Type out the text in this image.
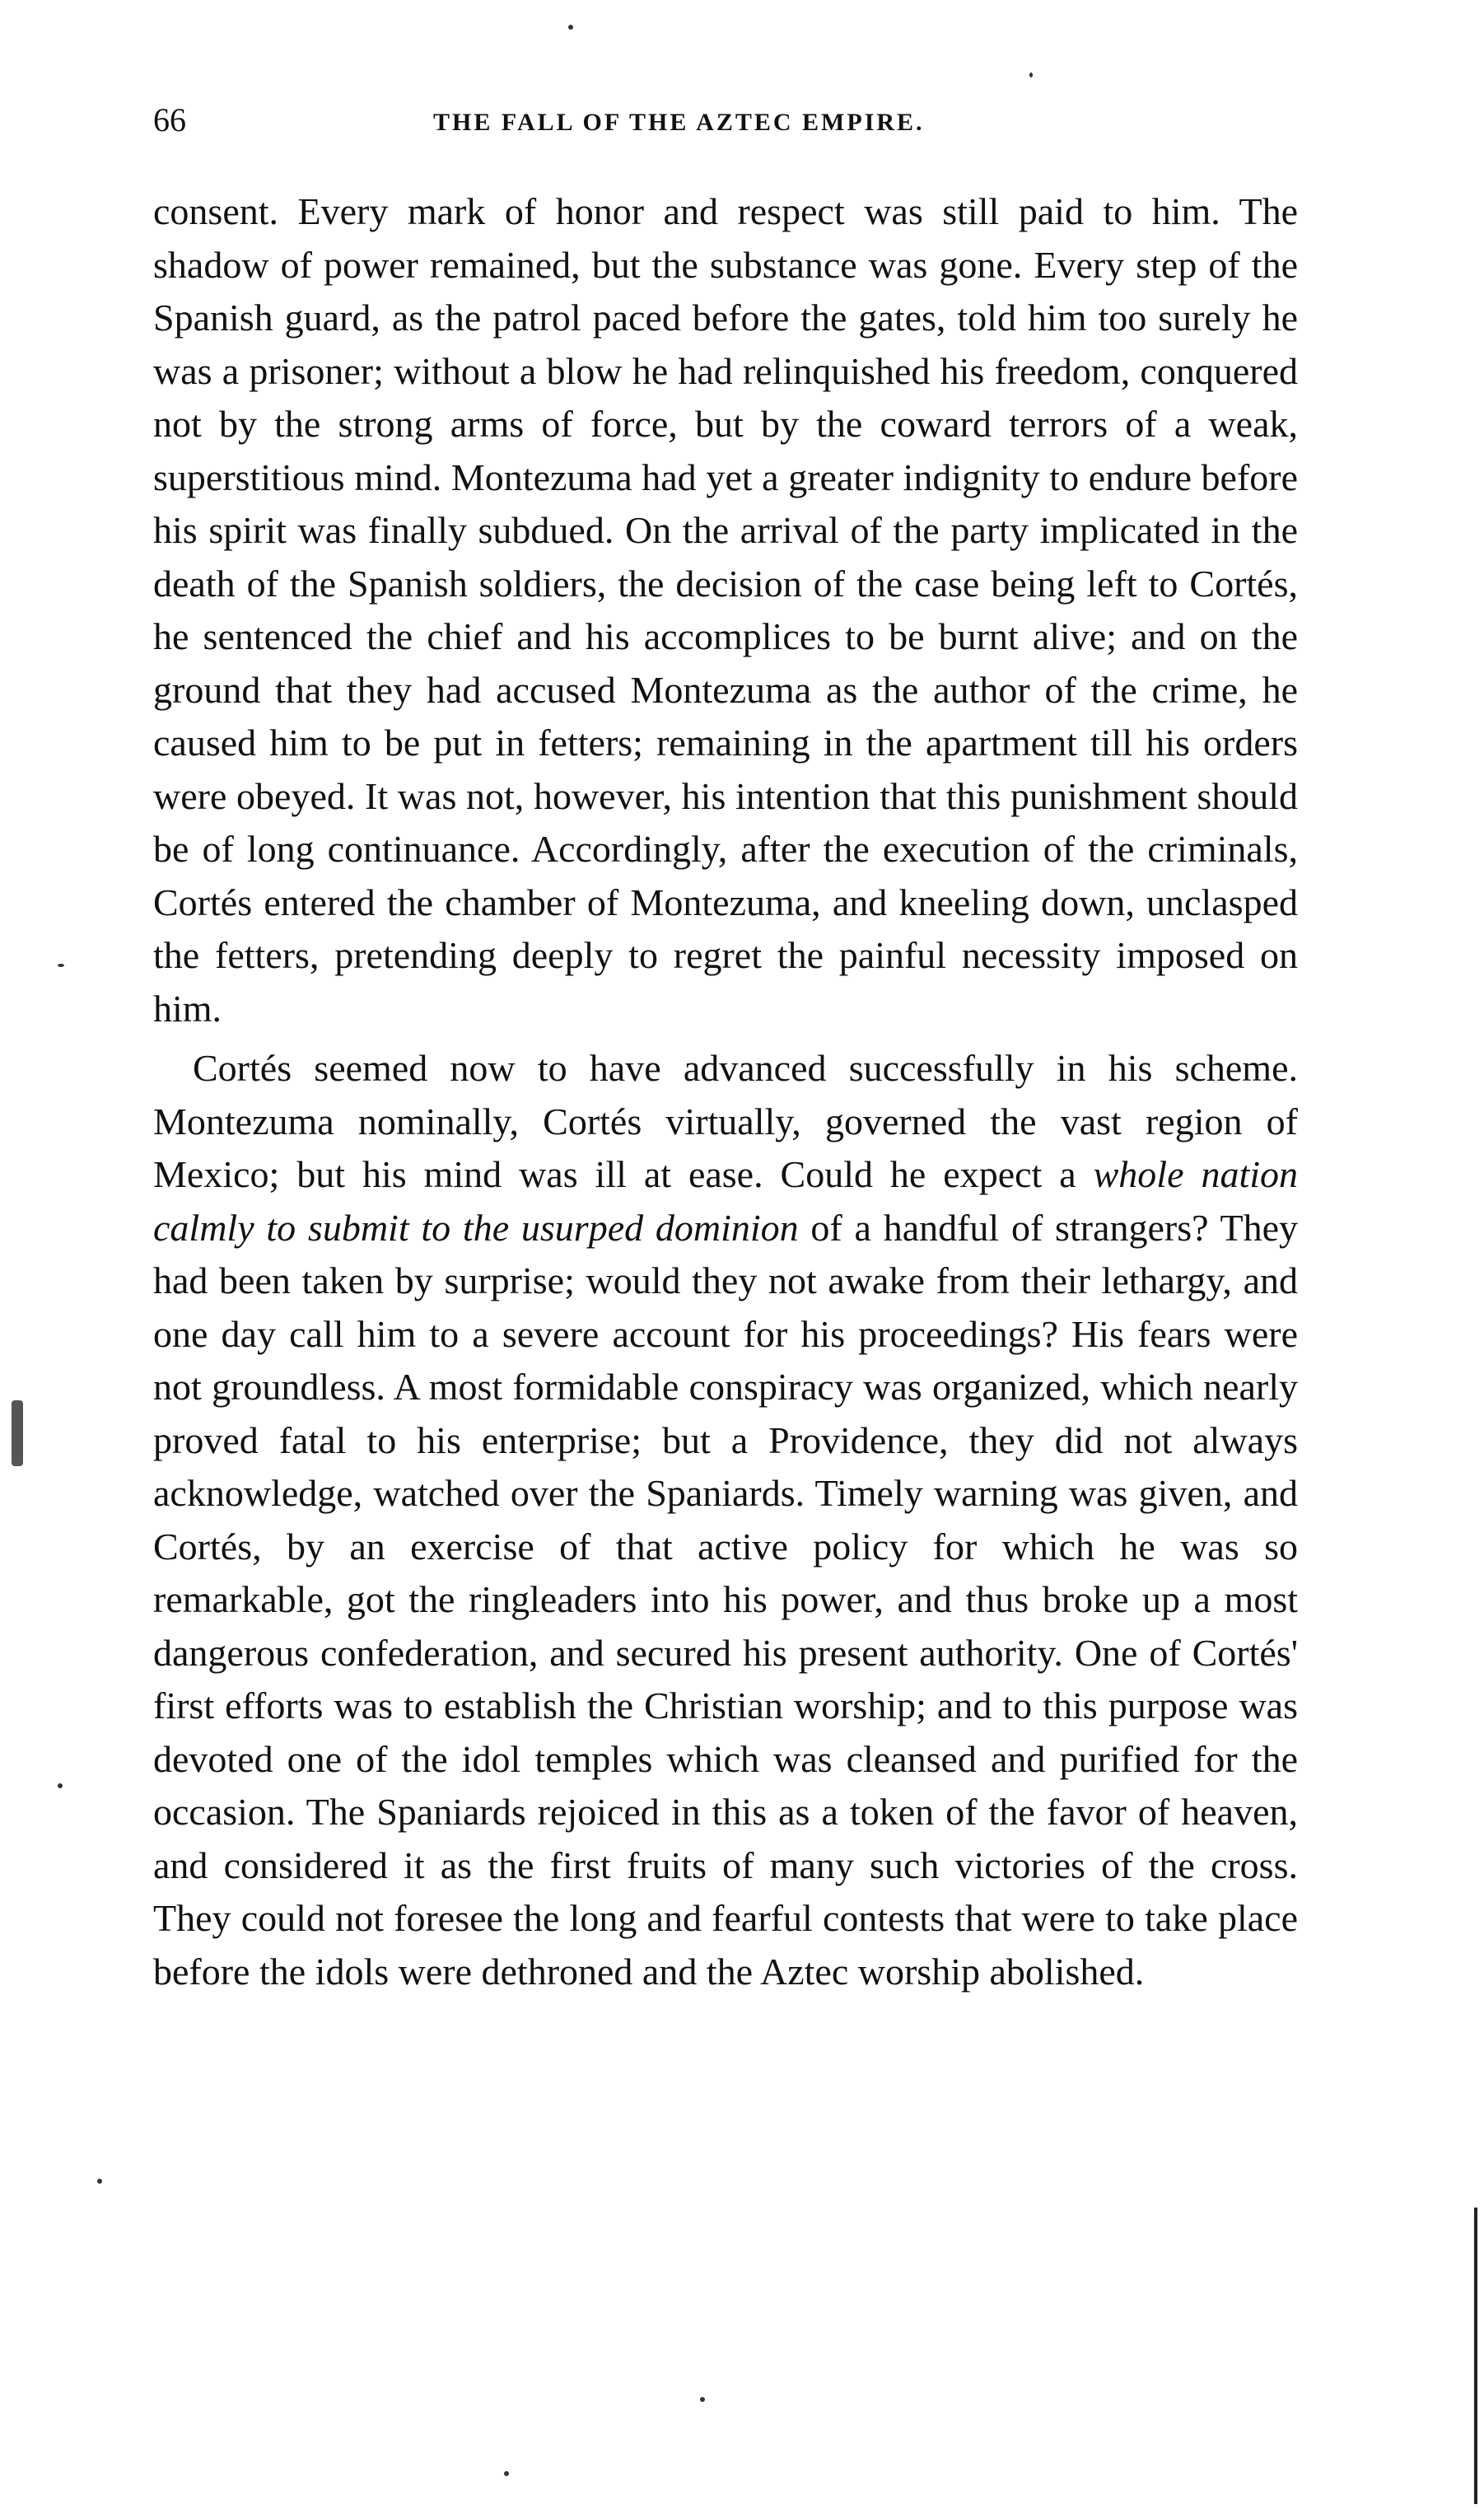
66	THE FALL OF THE AZTEC EMPIRE.

consent. Every mark of honor and respect was still paid to him. The shadow of power remained, but the substance was gone. Every step of the Spanish guard, as the patrol paced before the gates, told him too surely he was a prisoner; without a blow he had relinquished his freedom, conquered not by the strong arms of force, but by the coward terrors of a weak, superstitious mind. Montezuma had yet a greater indignity to endure before his spirit was finally subdued. On the arrival of the party implicated in the death of the Spanish soldiers, the decision of the case being left to Cortés, he sentenced the chief and his accomplices to be burnt alive; and on the ground that they had accused Montezuma as the author of the crime, he caused him to be put in fetters; remaining in the apartment till his orders were obeyed. It was not, however, his intention that this punishment should be of long continuance. Accordingly, after the execution of the criminals, Cortés entered the chamber of Montezuma, and kneeling down, unclasped the fetters, pretending deeply to regret the painful necessity imposed on him.

Cortés seemed now to have advanced successfully in his scheme. Montezuma nominally, Cortés virtually, governed the vast region of Mexico; but his mind was ill at ease. Could he expect a whole nation calmly to submit to the usurped dominion of a handful of strangers? They had been taken by surprise; would they not awake from their lethargy, and one day call him to a severe account for his proceedings? His fears were not groundless. A most formidable conspiracy was organized, which nearly proved fatal to his enterprise; but a Providence, they did not always acknowledge, watched over the Spaniards. Timely warning was given, and Cortés, by an exercise of that active policy for which he was so remarkable, got the ringleaders into his power, and thus broke up a most dangerous confederation, and secured his present authority. One of Cortés' first efforts was to establish the Christian worship; and to this purpose was devoted one of the idol temples which was cleansed and purified for the occasion. The Spaniards rejoiced in this as a token of the favor of heaven, and considered it as the first fruits of many such victories of the cross. They could not foresee the long and fearful contests that were to take place before the idols were dethroned and the Aztec worship abolished.
